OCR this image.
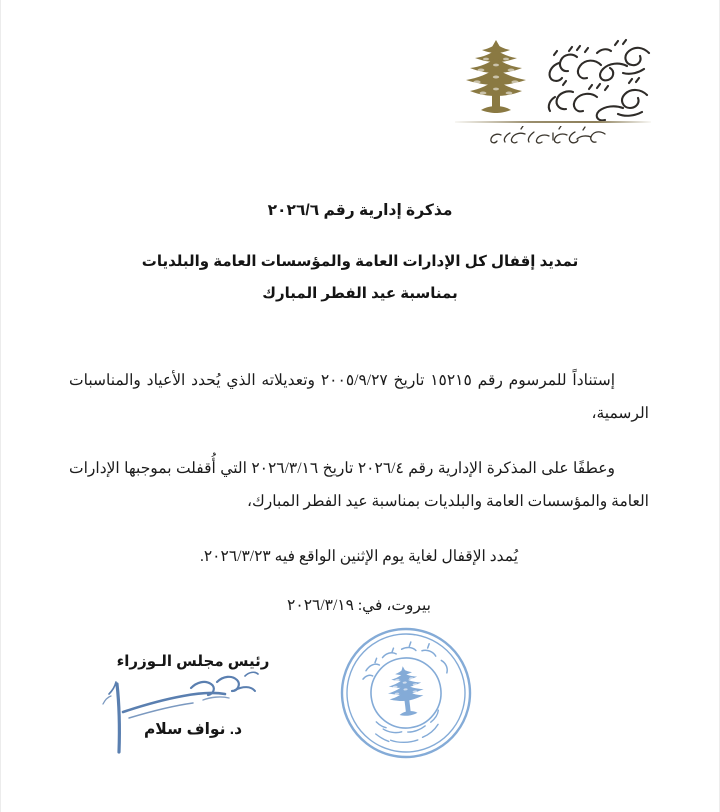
مذكرة إدارية رقم ٢٠٢٦/٦
تمديد إقفال كل الإدارات العامة والمؤسسات العامة والبلديات
بمناسبة عيد الفطر المبارك

إستناداً للمرسوم رقم ١٥٢١٥ تاريخ ٢٠٠٥/٩/٢٧ وتعديلاته الذي يُحدد الأعياد والمناسبات الرسمية،

وعطفًا على المذكرة الإدارية رقم ٢٠٢٦/٤ تاريخ ٢٠٢٦/٣/١٦ التي أُقفلت بموجبها الإدارات العامة والمؤسسات العامة والبلديات بمناسبة عيد الفطر المبارك،

يُمدد الإقفال لغاية يوم الإثنين الواقع فيه ٢٠٢٦/٣/٢٣.

بيروت، في: ٢٠٢٦/٣/١٩

رئيس مجلس الـوزراء
د. نواف سلام
